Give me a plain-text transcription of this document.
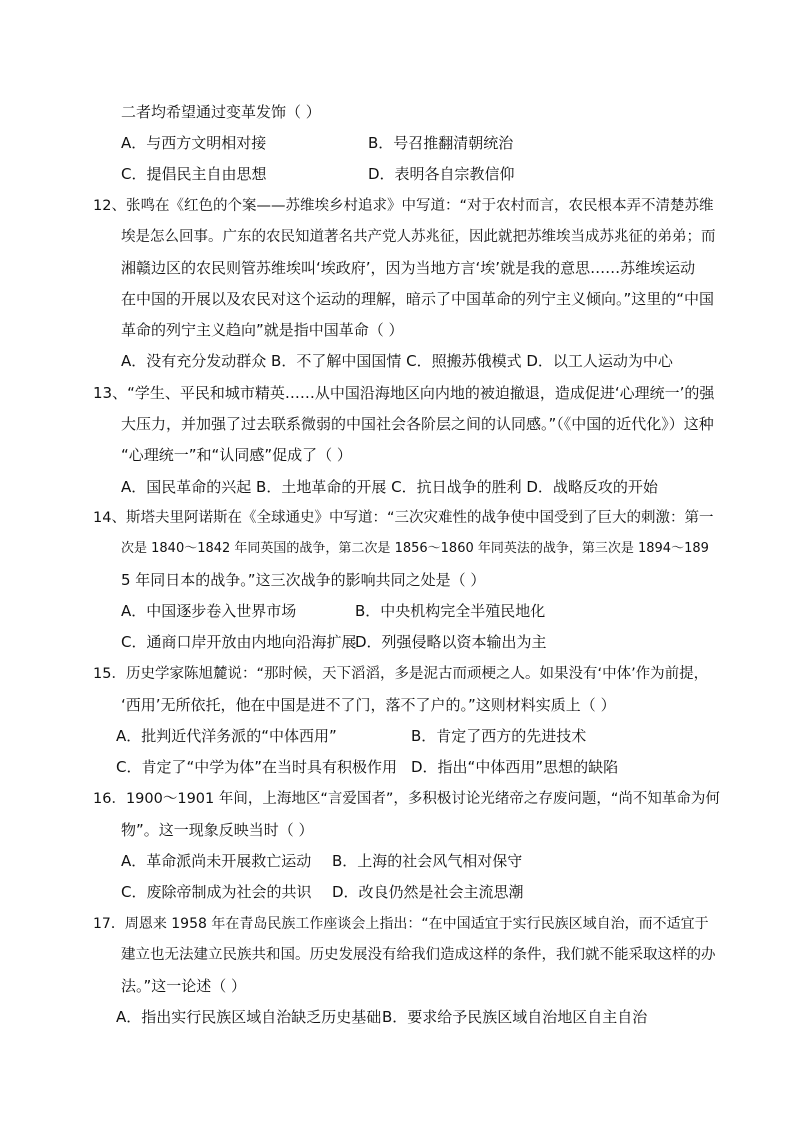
二者均希望通过变革发饰（ ）
A．与西方文明相对接	B．号召推翻清朝统治
C．提倡民主自由思想	D．表明各自宗教信仰
12、张鸣在《红色的个案——苏维埃乡村追求》中写道：“对于农村而言，农民根本弄不清楚苏维
埃是怎么回事。广东的农民知道著名共产党人苏兆征，因此就把苏维埃当成苏兆征的弟弟；而
湘赣边区的农民则管苏维埃叫‘埃政府’，因为当地方言‘埃’就是我的意思……苏维埃运动
在中国的开展以及农民对这个运动的理解，暗示了中国革命的列宁主义倾向。”这里的“中国
革命的列宁主义趋向”就是指中国革命（ ）
A．没有充分发动群众 B．不了解中国国情 C．照搬苏俄模式 D．以工人运动为中心
13、“学生、平民和城市精英……从中国沿海地区向内地的被迫撤退，造成促进‘心理统一’的强
大压力，并加强了过去联系微弱的中国社会各阶层之间的认同感。”（《中国的近代化》）这种
“心理统一”和“认同感”促成了（ ）
A．国民革命的兴起 B．土地革命的开展 C．抗日战争的胜利 D．战略反攻的开始
14、斯塔夫里阿诺斯在《全球通史》中写道：“三次灾难性的战争使中国受到了巨大的刺激：第一
次是 1840～1842 年同英国的战争，第二次是 1856～1860 年同英法的战争，第三次是 1894～189
5 年同日本的战争。”这三次战争的影响共同之处是（ ）
A．中国逐步卷入世界市场	B．中央机构完全半殖民地化
C．通商口岸开放由内地向沿海扩展
D．列强侵略以资本输出为主
15．历史学家陈旭麓说：“那时候，天下滔滔，多是泥古而顽梗之人。如果没有‘中体’作为前提，
‘西用’无所依托，他在中国是进不了门，落不了户的。”这则材料实质上（ ）
A．批判近代洋务派的“中体西用”	B．肯定了西方的先进技术
C．肯定了“中学为体”在当时具有积极作用 D．指出“中体西用”思想的缺陷
16．1900～1901 年间，上海地区“言爱国者”，多积极讨论光绪帝之存废问题，“尚不知革命为何
物”。这一现象反映当时（ ）
A．革命派尚未开展救亡运动 B．上海的社会风气相对保守
C．废除帝制成为社会的共识 D．改良仍然是社会主流思潮
17．周恩来 1958 年在青岛民族工作座谈会上指出：“在中国适宜于实行民族区域自治，而不适宜于
建立也无法建立民族共和国。历史发展没有给我们造成这样的条件，我们就不能采取这样的办
法。”这一论述（ ）
A．指出实行民族区域自治缺乏历史基础 B．要求给予民族区域自治地区自主自治
